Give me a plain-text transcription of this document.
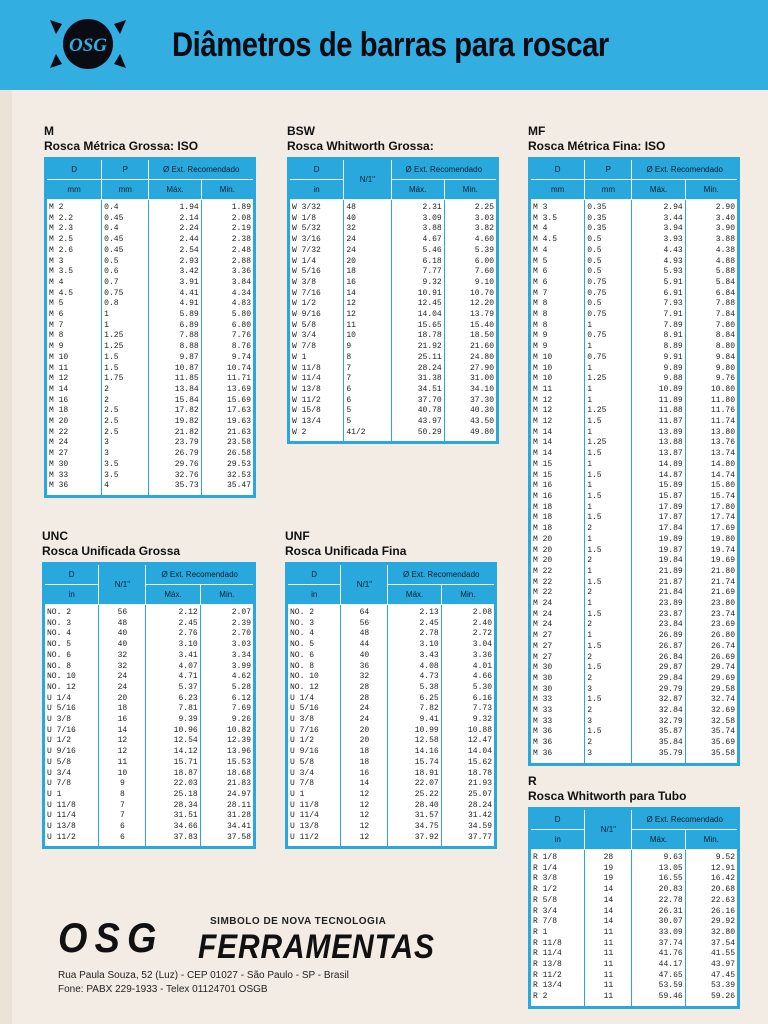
OSG Diâmetros de barras para roscar
M
Rosca Métrica Grossa: ISO
D	P	Ø Ext. Recomendado	
mm	mm	Máx.	Min.
M 2	0.4	1.94	1.89
M 2.2	0.45	2.14	2.08
M 2.3	0.4	2.24	2.19
M 2.5	0.45	2.44	2.38
M 2.6	0.45	2.54	2.48
M 3	0.5	2.93	2.88
M 3.5	0.6	3.42	3.36
M 4	0.7	3.91	3.84
M 4.5	0.75	4.41	4.34
M 5	0.8	4.91	4.83
M 6	1	5.89	5.80
M 7	1	6.89	6.80
M 8	1.25	7.88	7.76
M 9	1.25	8.88	8.76
M 10	1.5	9.87	9.74
M 11	1.5	10.87	10.74
M 12	1.75	11.85	11.71
M 14	2	13.84	13.69
M 16	2	15.84	15.69
M 18	2.5	17.82	17.63
M 20	2.5	19.82	19.63
M 22	2.5	21.82	21.63
M 24	3	23.79	23.58
M 27	3	26.79	26.58
M 30	3.5	29.76	29.53
M 33	3.5	32.76	32.53
M 36	4	35.73	35.47
BSW
Rosca Whitworth Grossa:
D	N/1"	Ø Ext. Recomendado	
in		Máx.	Min.
W 3/32	48	2.31	2.25
W 1/8	40	3.09	3.03
W 5/32	32	3.88	3.82
W 3/16	24	4.67	4.60
W 7/32	24	5.46	5.39
W 1/4	20	6.18	6.00
W 5/16	18	7.77	7.60
W 3/8	16	9.32	9.10
W 7/16	14	10.91	10.70
W 1/2	12	12.45	12.20
W 9/16	12	14.04	13.79
W 5/8	11	15.65	15.40
W 3/4	10	18.78	18.50
W 7/8	9	21.92	21.60
W 1	8	25.11	24.80
W 11/8	7	28.24	27.90
W 11/4	7	31.38	31.00
W 13/8	6	34.51	34.10
W 11/2	6	37.70	37.30
W 15/8	5	40.78	40.30
W 13/4	5	43.97	43.50
W 2	41/2	50.29	49.80
MF
Rosca Métrica Fina: ISO
D	P	Ø Ext. Recomendado	
mm	mm	Máx.	Min.
M 3	0.35	2.94	2.90
M 3.5	0.35	3.44	3.40
M 4	0.35	3.94	3.90
M 4.5	0.5	3.93	3.88
M 4	0.5	4.43	4.38
M 5	0.5	4.93	4.88
M 6	0.5	5.93	5.88
M 6	0.75	5.91	5.84
M 7	0.75	6.91	6.84
M 8	0.5	7.93	7.88
M 8	0.75	7.91	7.84
M 8	1	7.89	7.80
M 9	0.75	8.91	8.84
M 9	1	8.89	8.80
M 10	0.75	9.91	9.84
M 10	1	9.89	9.80
M 10	1.25	9.88	9.76
M 11	1	10.89	10.80
M 12	1	11.89	11.80
M 12	1.25	11.88	11.76
M 12	1.5	11.87	11.74
M 14	1	13.89	13.80
M 14	1.25	13.88	13.76
M 14	1.5	13.87	13.74
M 15	1	14.89	14.80
M 15	1.5	14.87	14.74
M 16	1	15.89	15.80
M 16	1.5	15.87	15.74
M 18	1	17.89	17.80
M 18	1.5	17.87	17.74
M 18	2	17.84	17.69
M 20	1	19.89	19.80
M 20	1.5	19.87	19.74
M 20	2	19.84	19.69
M 22	1	21.89	21.80
M 22	1.5	21.87	21.74
M 22	2	21.84	21.69
M 24	1	23.89	23.80
M 24	1.5	23.87	23.74
M 24	2	23.84	23.69
M 27	1	26.89	26.80
M 27	1.5	26.87	26.74
M 27	2	26.84	26.69
M 30	1.5	29.87	29.74
M 30	2	29.84	29.69
M 30	3	29.79	29.58
M 33	1.5	32.87	32.74
M 33	2	32.84	32.69
M 33	3	32.79	32.58
M 36	1.5	35.87	35.74
M 36	2	35.84	35.69
M 36	3	35.79	35.58
UNC
Rosca Unificada Grossa
D	N/1"	Ø Ext. Recomendado	
in		Máx.	Min.
NO. 2	56	2.12	2.07
NO. 3	48	2.45	2.39
NO. 4	40	2.76	2.70
NO. 5	40	3.10	3.03
NO. 6	32	3.41	3.34
NO. 8	32	4.07	3.99
NO. 10	24	4.71	4.62
NO. 12	24	5.37	5.28
U 1/4	20	6.23	6.12
U 5/16	18	7.81	7.69
U 3/8	16	9.39	9.26
U 7/16	14	10.96	10.82
U 1/2	12	12.54	12.39
U 9/16	12	14.12	13.96
U 5/8	11	15.71	15.53
U 3/4	10	18.87	18.68
U 7/8	9	22.03	21.83
U 1	8	25.18	24.97
U 11/8	7	28.34	28.11
U 11/4	7	31.51	31.28
U 13/8	6	34.66	34.41
U 11/2	6	37.83	37.58
UNF
Rosca Unificada Fina
D	N/1"	Ø Ext. Recomendado	
in		Máx.	Min.
NO. 2	64	2.13	2.08
NO. 3	56	2.45	2.40
NO. 4	48	2.78	2.72
NO. 5	44	3.10	3.04
NO. 6	40	3.43	3.36
NO. 8	36	4.08	4.01
NO. 10	32	4.73	4.66
NO. 12	28	5.38	5.30
U 1/4	28	6.25	6.16
U 5/16	24	7.82	7.73
U 3/8	24	9.41	9.32
U 7/16	20	10.99	10.88
U 1/2	20	12.58	12.47
U 9/16	18	14.16	14.04
U 5/8	18	15.74	15.62
U 3/4	16	18.91	18.78
U 7/8	14	22.07	21.93
U 1	12	25.22	25.07
U 11/8	12	28.40	28.24
U 11/4	12	31.57	31.42
U 13/8	12	34.75	34.59
U 11/2	12	37.92	37.77
R
Rosca Whitworth para Tubo
D	N/1"	Ø Ext. Recomendado	
in		Máx.	Min.
R 1/8	28	9.63	9.52
R 1/4	19	13.05	12.91
R 3/8	19	16.55	16.42
R 1/2	14	20.83	20.68
R 5/8	14	22.78	22.63
R 3/4	14	26.31	26.16
R 7/8	14	30.07	29.92
R 1	11	33.09	32.80
R 11/8	11	37.74	37.54
R 11/4	11	41.76	41.55
R 13/8	11	44.17	43.97
R 11/2	11	47.65	47.45
R 13/4	11	53.59	53.39
R 2	11	59.46	59.26
OSG	SIMBOLO DE NOVA TECNOLOGIA
FERRAMENTAS
Rua Paula Souza, 52 (Luz) - CEP 01027 - São Paulo - SP - Brasil
Fone: PABX 229-1933 - Telex 01124701 OSGB
